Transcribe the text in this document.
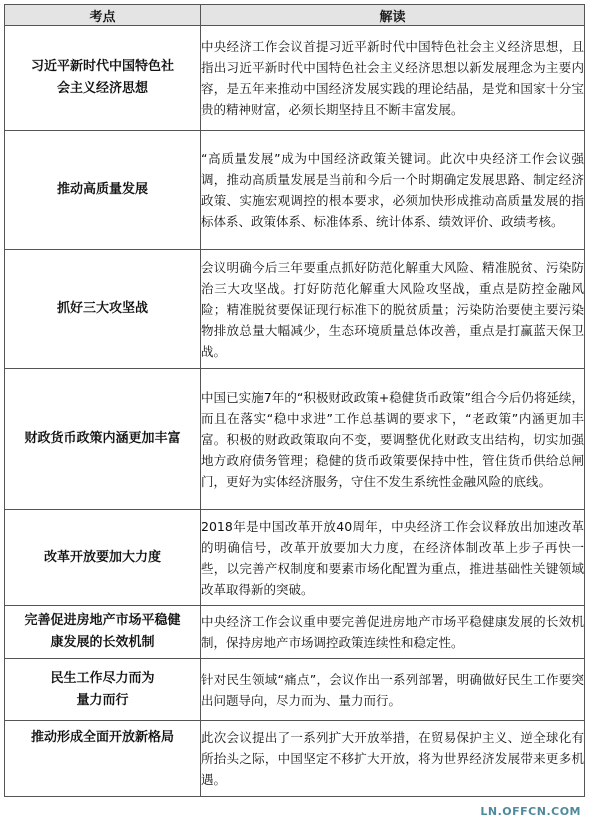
考点	解读
习近平新时代中国特色社会主义经济思想	中央经济工作会议首提习近平新时代中国特色社会主义经济思想，且指出习近平新时代中国特色社会主义经济思想以新发展理念为主要内容，是五年来推动中国经济发展实践的理论结晶，是党和国家十分宝贵的精神财富，必须长期坚持且不断丰富发展。
推动高质量发展	“高质量发展”成为中国经济政策关键词。此次中央经济工作会议强调，推动高质量发展是当前和今后一个时期确定发展思路、制定经济政策、实施宏观调控的根本要求，必须加快形成推动高质量发展的指标体系、政策体系、标准体系、统计体系、绩效评价、政绩考核。
抓好三大攻坚战	会议明确今后三年要重点抓好防范化解重大风险、精准脱贫、污染防治三大攻坚战。打好防范化解重大风险攻坚战，重点是防控金融风险；精准脱贫要保证现行标准下的脱贫质量；污染防治要使主要污染物排放总量大幅减少，生态环境质量总体改善，重点是打赢蓝天保卫战。
财政货币政策内涵更加丰富	中国已实施7年的“积极财政政策+稳健货币政策”组合今后仍将延续，而且在落实“稳中求进”工作总基调的要求下，“老政策”内涵更加丰富。积极的财政政策取向不变，要调整优化财政支出结构，切实加强地方政府债务管理；稳健的货币政策要保持中性，管住货币供给总闸门，更好为实体经济服务，守住不发生系统性金融风险的底线。
改革开放要加大力度	2018年是中国改革开放40周年，中央经济工作会议释放出加速改革的明确信号，改革开放要加大力度，在经济体制改革上步子再快一些，以完善产权制度和要素市场化配置为重点，推进基础性关键领域改革取得新的突破。
完善促进房地产市场平稳健康发展的长效机制	中央经济工作会议重申要完善促进房地产市场平稳健康发展的长效机制，保持房地产市场调控政策连续性和稳定性。
民生工作尽力而为量力而行	针对民生领域“痛点”，会议作出一系列部署，明确做好民生工作要突出问题导向，尽力而为、量力而行。
推动形成全面开放新格局	此次会议提出了一系列扩大开放举措，在贸易保护主义、逆全球化有所抬头之际，中国坚定不移扩大开放，将为世界经济发展带来更多机遇。
LN.OFFCN.COM
